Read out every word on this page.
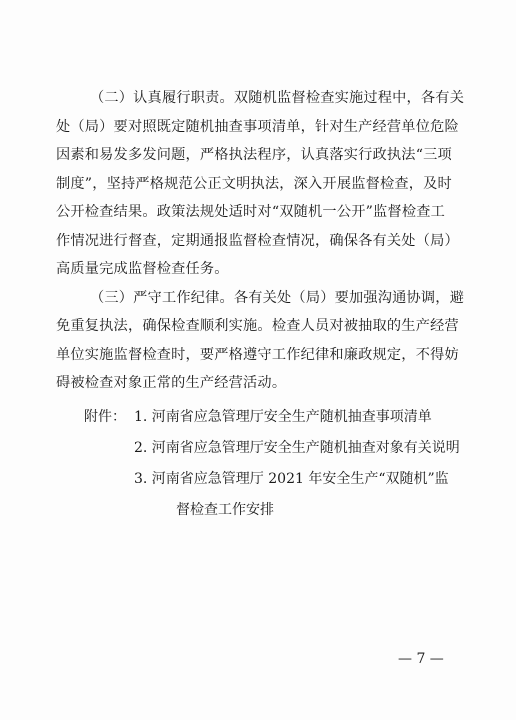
（二）认真履行职责。双随机监督检查实施过程中，各有关
处（局）要对照既定随机抽查事项清单，针对生产经营单位危险
因素和易发多发问题，严格执法程序，认真落实行政执法“三项
制度”，坚持严格规范公正文明执法，深入开展监督检查，及时
公开检查结果。政策法规处适时对“双随机一公开”监督检查工
作情况进行督查，定期通报监督检查情况，确保各有关处（局）
高质量完成监督检查任务。
（三）严守工作纪律。各有关处（局）要加强沟通协调，避
免重复执法，确保检查顺利实施。检查人员对被抽取的生产经营
单位实施监督检查时，要严格遵守工作纪律和廉政规定，不得妨
碍被检查对象正常的生产经营活动。
附件： 1. 河南省应急管理厅安全生产随机抽查事项清单
2. 河南省应急管理厅安全生产随机抽查对象有关说明
3. 河南省应急管理厅 2021 年安全生产“双随机”监
督检查工作安排
— 7 —
